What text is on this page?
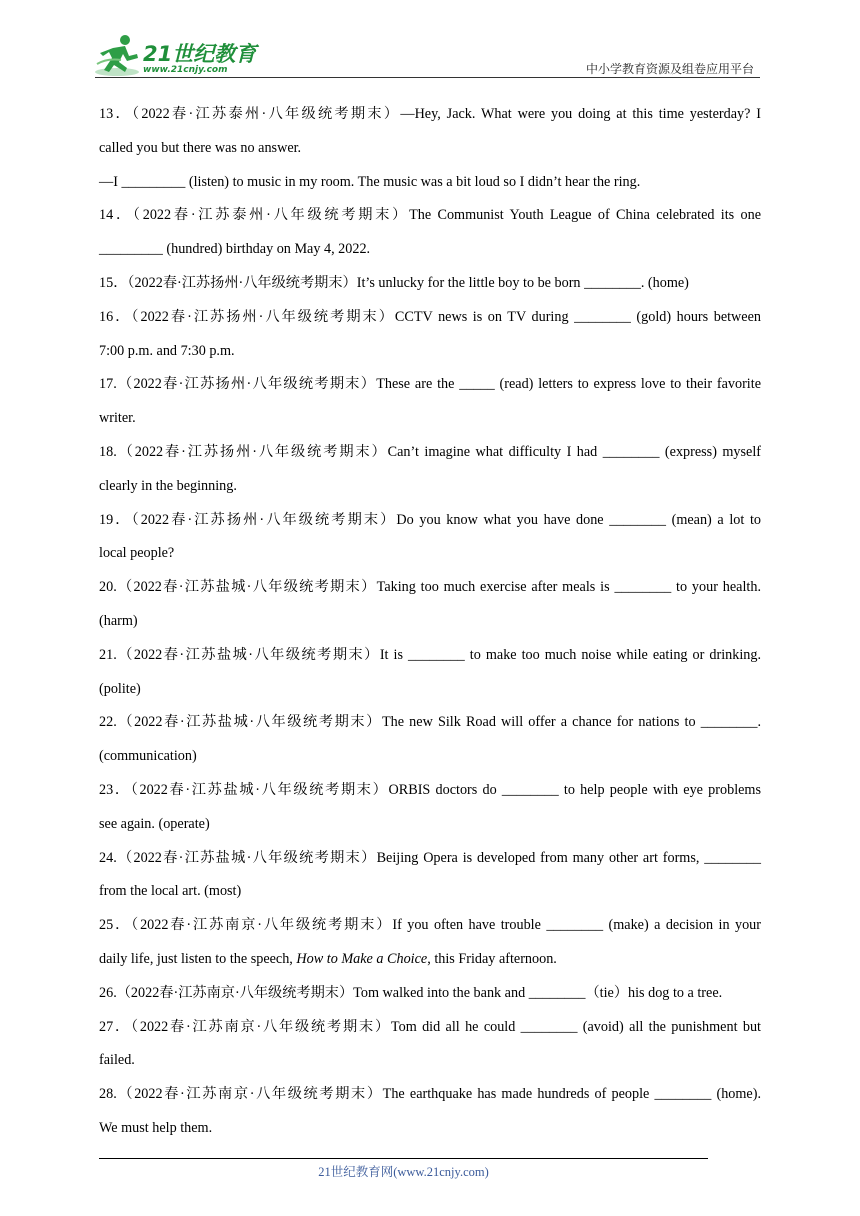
21世纪教育
www.21cnjy.com	中小学教育资源及组卷应用平台
13．（2022春·江苏泰州·八年级统考期末）—Hey, Jack. What were you doing at this time yesterday? I
called you but there was no answer.
—I _________ (listen) to music in my room. The music was a bit loud so I didn’t hear the ring.
14．（2022春·江苏泰州·八年级统考期末）The Communist Youth League of China celebrated its one
_________ (hundred) birthday on May 4, 2022.
15．（2022春·江苏扬州·八年级统考期末）It’s unlucky for the little boy to be born ________. (home)
16．（2022春·江苏扬州·八年级统考期末）CCTV news is on TV during ________ (gold) hours between
7:00 p.m. and 7:30 p.m.
17.（2022春·江苏扬州·八年级统考期末）These are the _____ (read) letters to express love to their favorite
writer.
18.（2022春·江苏扬州·八年级统考期末）Can’t imagine what difficulty I had ________ (express) myself
clearly in the beginning.
19．（2022春·江苏扬州·八年级统考期末）Do you know what you have done ________ (mean) a lot to
local people?
20.（2022春·江苏盐城·八年级统考期末）Taking too much exercise after meals is ________ to your health.
(harm)
21.（2022春·江苏盐城·八年级统考期末）It is ________ to make too much noise while eating or drinking.
(polite)
22.（2022春·江苏盐城·八年级统考期末）The new Silk Road will offer a chance for nations to ________.
(communication)
23．（2022春·江苏盐城·八年级统考期末）ORBIS doctors do ________ to help people with eye problems
see again. (operate)
24.（2022春·江苏盐城·八年级统考期末）Beijing Opera is developed from many other art forms, ________
from the local art. (most)
25．（2022春·江苏南京·八年级统考期末）If you often have trouble ________ (make) a decision in your
daily life, just listen to the speech, How to Make a Choice, this Friday afternoon.
26.（2022春·江苏南京·八年级统考期末）Tom walked into the bank and ________（tie）his dog to a tree.
27．（2022春·江苏南京·八年级统考期末）Tom did all he could ________ (avoid) all the punishment but
failed.
28.（2022春·江苏南京·八年级统考期末）The earthquake has made hundreds of people ________ (home).
We must help them.
21世纪教育网(www.21cnjy.com)
